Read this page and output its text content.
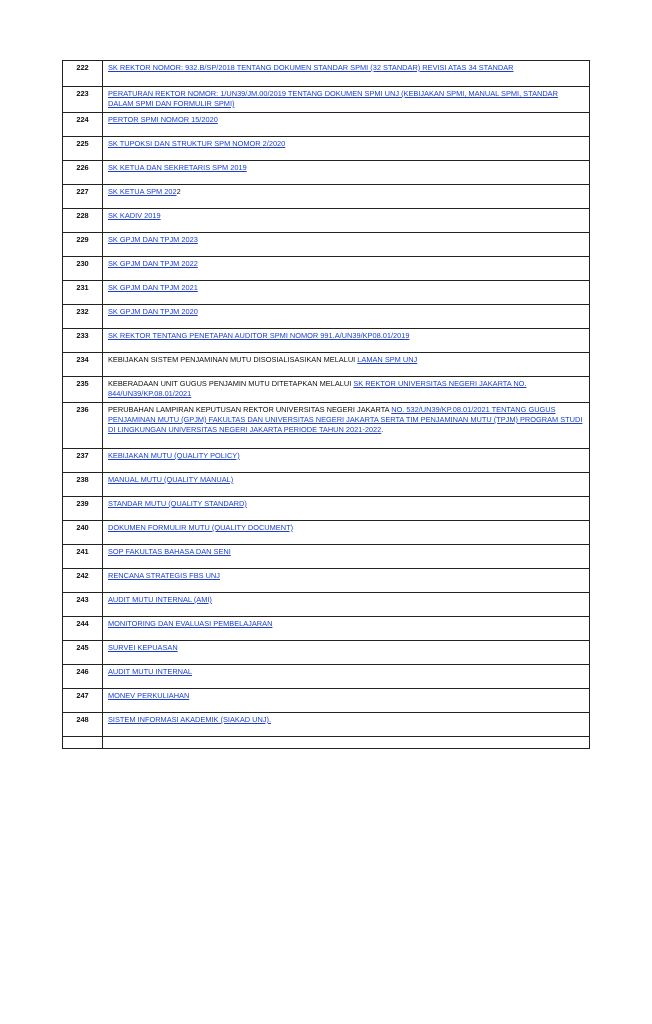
222	SK REKTOR NOMOR: 932.B/SP/2018 TENTANG DOKUMEN STANDAR SPMI (32 STANDAR) REVISI ATAS 34 STANDAR
223	PERATURAN REKTOR NOMOR: 1/UN39/JM.00/2019 TENTANG DOKUMEN SPMI UNJ (KEBIJAKAN SPMI, MANUAL SPMI, STANDAR DALAM SPMI DAN FORMULIR SPMI)
224	PERTOR SPMI NOMOR 15/2020
225	SK TUPOKSI DAN STRUKTUR SPM NOMOR 2/2020
226	SK KETUA DAN SEKRETARIS SPM 2019
227	SK KETUA SPM 2022
228	SK KADIV 2019
229	SK GPJM DAN TPJM 2023
230	SK GPJM DAN TPJM 2022
231	SK GPJM DAN TPJM 2021
232	SK GPJM DAN TPJM 2020
233	SK REKTOR TENTANG PENETAPAN AUDITOR SPMI NOMOR 991.A/UN39/KP08.01/2019
234	KEBIJAKAN SISTEM PENJAMINAN MUTU DISOSIALISASIKAN MELALUI LAMAN SPM UNJ
235	KEBERADAAN UNIT GUGUS PENJAMIN MUTU DITETAPKAN MELALUI SK REKTOR UNIVERSITAS NEGERI JAKARTA NO. 844/UN39/KP.08.01/2021
236	PERUBAHAN LAMPIRAN KEPUTUSAN REKTOR UNIVERSITAS NEGERI JAKARTA NO. 532/UN39/KP.08.01/2021 TENTANG GUGUS PENJAMINAN MUTU (GPJM) FAKULTAS DAN UNIVERSITAS NEGERI JAKARTA SERTA TIM PENJAMINAN MUTU (TPJM) PROGRAM STUDI DI LINGKUNGAN UNIVERSITAS NEGERI JAKARTA PERIODE TAHUN 2021-2022.
237	KEBIJAKAN MUTU (QUALITY POLICY)
238	MANUAL MUTU (QUALITY MANUAL)
239	STANDAR MUTU (QUALITY STANDARD)
240	DOKUMEN FORMULIR MUTU (QUALITY DOCUMENT)
241	SOP FAKULTAS BAHASA DAN SENI
242	RENCANA STRATEGIS FBS UNJ
243	AUDIT MUTU INTERNAL (AMI)
244	MONITORING DAN EVALUASI PEMBELAJARAN
245	SURVEI KEPUASAN
246	AUDIT MUTU INTERNAL
247	MONEV PERKULIAHAN
248	SISTEM INFORMASI AKADEMIK (SIAKAD UNJ).
